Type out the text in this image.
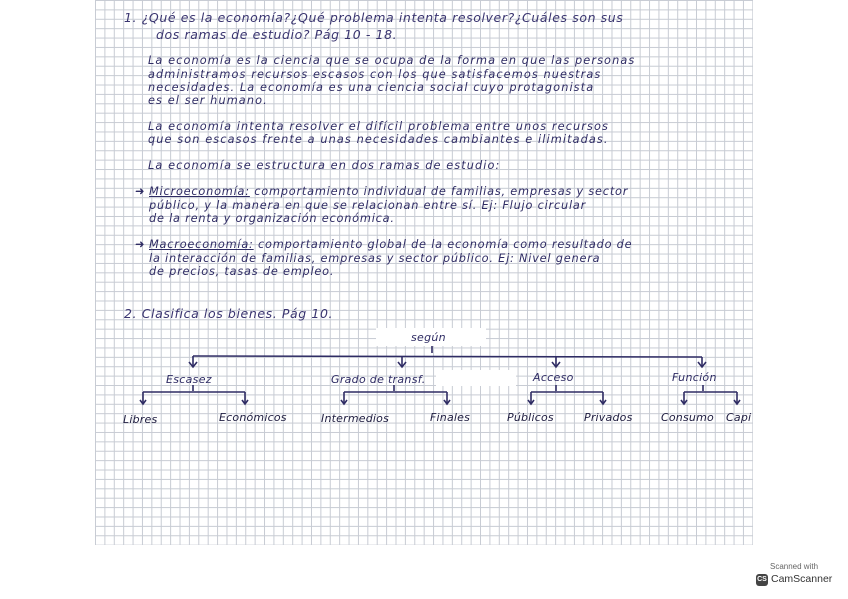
1. ¿Qué es la economía?¿Qué problema intenta resolver?¿Cuáles son sus
dos ramas de estudio? Pág 10 - 18.
La economía es la ciencia que se ocupa de la forma en que las personas
administramos recursos escasos con los que satisfacemos nuestras
necesidades. La economía es una ciencia social cuyo protagonista
es el ser humano.
La economía intenta resolver el difícil problema entre unos recursos
que son escasos frente a unas necesidades cambiantes e ilimitadas.
La economía se estructura en dos ramas de estudio:
➜ Microeconomía: comportamiento individual de familias, empresas y sector
público, y la manera en que se relacionan entre sí. Ej: Flujo circular
de la renta y organización económica.
➜ Macroeconomía: comportamiento global de la economía como resultado de
la interacción de familias, empresas y sector público. Ej: Nivel genera
de precios, tasas de empleo.
2. Clasifica los bienes. Pág 10.
según
Escasez	Grado de transf.	Acceso	Función
Libres	Económicos	Intermedios	Finales	Públicos	Privados	Consumo Capi
Scanned with
CS CamScanner
